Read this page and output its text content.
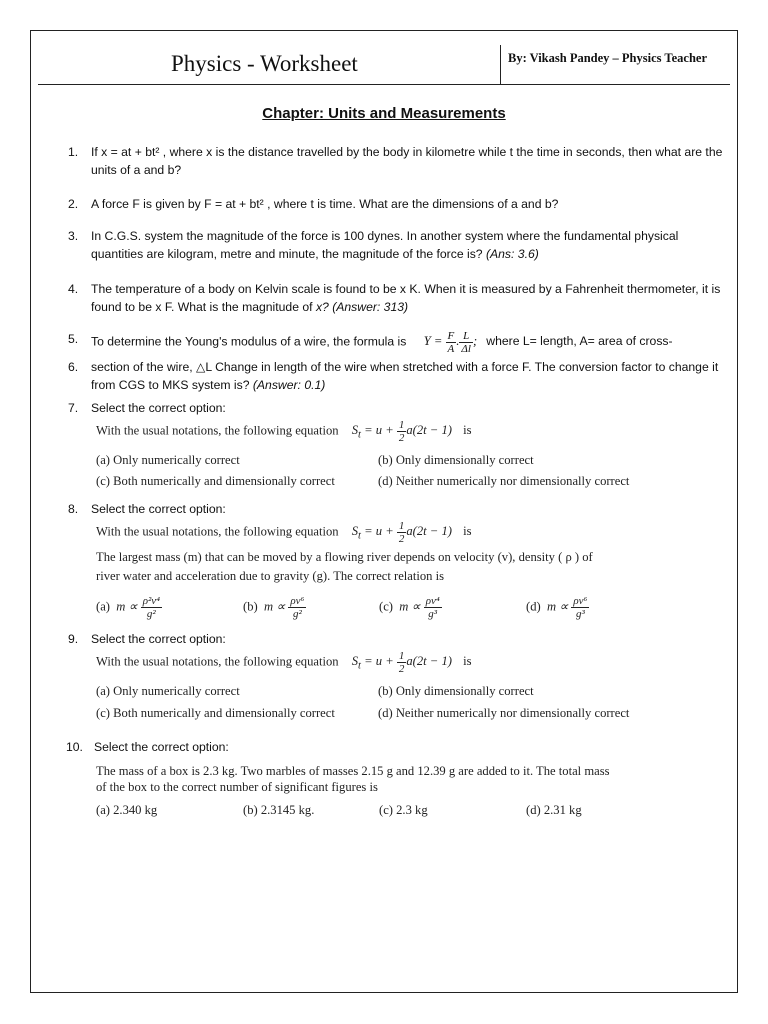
Physics - Worksheet	By: Vikash Pandey – Physics Teacher
Chapter: Units and Measurements
1. If x = at + bt² , where x is the distance travelled by the body in kilometre while t the time in seconds, then what are the units of a and b?
2. A force F is given by F = at + bt² , where t is time. What are the dimensions of a and b?
3. In C.G.S. system the magnitude of the force is 100 dynes. In another system where the fundamental physical quantities are kilogram, metre and minute, the magnitude of the force is? (Ans: 3.6)
4. The temperature of a body on Kelvin scale is found to be x K. When it is measured by a Fahrenheit thermometer, it is found to be x F. What is the magnitude of x? (Answer: 313)
5. To determine the Young's modulus of a wire, the formula is $Y = \frac{F}{A}$ . $\frac{L}{\Delta l}$ ; where L= length, A= area of cross-
6. section of the wire, △L Change in length of the wire when stretched with a force F. The conversion factor to change it from CGS to MKS system is? (Answer: 0.1)
7. Select the correct option:
With the usual notations, the following equation $S_t = u + \frac{1}{2} a(2t - 1)$ is
(a) Only numerically correct	(b) Only dimensionally correct
(c) Both numerically and dimensionally correct	(d) Neither numerically nor dimensionally correct
8. Select the correct option:
With the usual notations, the following equation $S_t = u + \frac{1}{2} a(2t - 1)$ is
The largest mass (m) that can be moved by a flowing river depends on velocity (v), density ( ρ ) of
river water and acceleration due to gravity (g). The correct relation is
(a) $m \propto \frac{\text{ρ²v⁴}}{\text{g²}}$	(b) $m \propto \frac{\text{ρv⁶}}{\text{g²}}$	(c) $m \propto \frac{\text{ρv⁴}}{\text{g³}}$	(d) $m \propto \frac{\text{ρv⁶}}{\text{g³}}$
9. Select the correct option:
With the usual notations, the following equation $S_t = u + \frac{1}{2} a(2t - 1)$ is
(a) Only numerically correct	(b) Only dimensionally correct
(c) Both numerically and dimensionally correct	(d) Neither numerically nor dimensionally correct
10. Select the correct option:
The mass of a box is 2.3 kg. Two marbles of masses 2.15 g and 12.39 g are added to it. The total mass
of the box to the correct number of significant figures is
(a) 2.340 kg	(b) 2.3145 kg.	(c) 2.3 kg	(d) 2.31 kg
